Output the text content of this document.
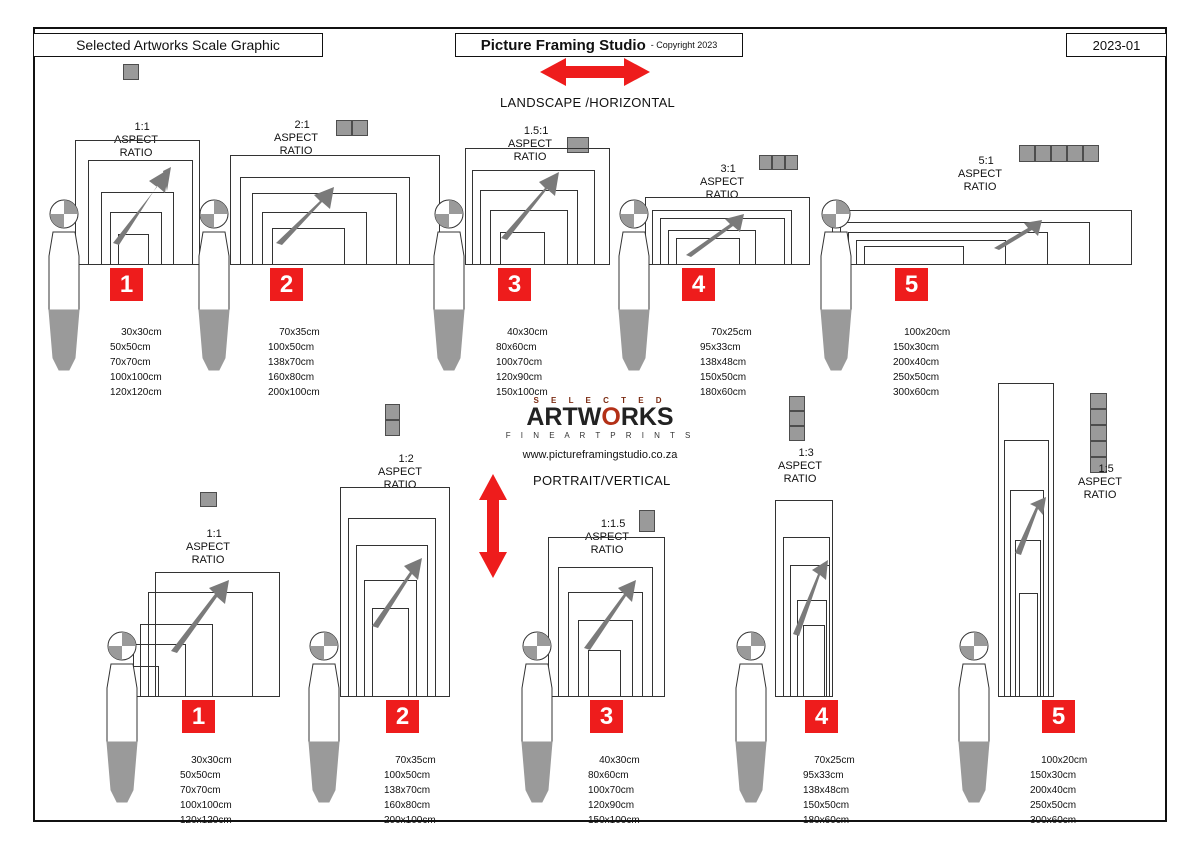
Selected Artworks Scale Graphic	Picture Framing Studio - Copyright 2023	2023-01
LANDSCAPE /HORIZONTAL
PORTRAIT/VERTICAL
S E L E C T E D
ARTWORKS
F I N E A R T P R I N T S
www.pictureframingstudio.co.za

1:1
ASPECT
RATIO

1

30x30cm
50x50cm
70x70cm
100x100cm
120x120cm

2:1
ASPECT
RATIO

2

70x35cm
100x50cm
138x70cm
160x80cm
200x100cm

1.5:1
ASPECT
RATIO

3

40x30cm
80x60cm
100x70cm
120x90cm
150x100cm

3:1
ASPECT
RATIO

4

70x25cm
95x33cm
138x48cm
150x50cm
180x60cm

5:1
ASPECT
RATIO

5

100x20cm
150x30cm
200x40cm
250x50cm
300x60cm

1:1
ASPECT
RATIO

1

30x30cm
50x50cm
70x70cm
100x100cm
120x120cm

1:2
ASPECT
RATIO

2

70x35cm
100x50cm
138x70cm
160x80cm
200x100cm

1:1.5
ASPECT
RATIO

3

40x30cm
80x60cm
100x70cm
120x90cm
150x100cm

1:3
ASPECT
RATIO

4

70x25cm
95x33cm
138x48cm
150x50cm
180x60cm

1:5
ASPECT
RATIO

5

100x20cm
150x30cm
200x40cm
250x50cm
300x60cm
